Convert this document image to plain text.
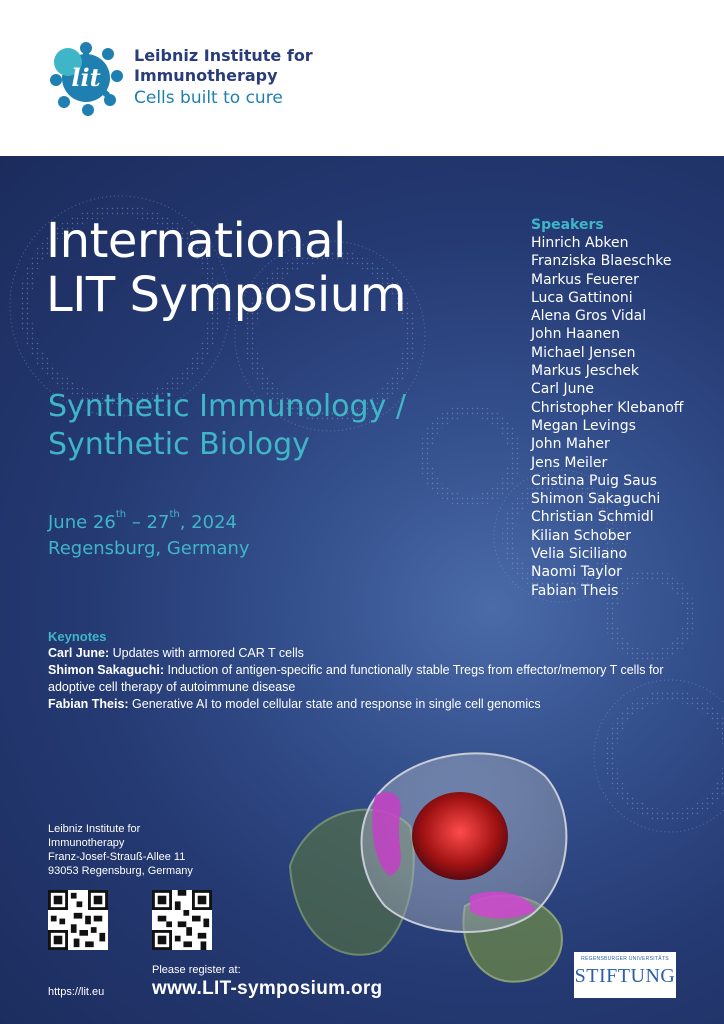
lit
Leibniz Institute for
Immunotherapy
Cells built to cure
International
LIT Symposium
Synthetic Immunology /
Synthetic Biology
June 26th – 27th, 2024
Regensburg, Germany
Speakers
Hinrich Abken
Franziska Blaeschke
Markus Feuerer
Luca Gattinoni
Alena Gros Vidal
John Haanen
Michael Jensen
Markus Jeschek
Carl June
Christopher Klebanoff
Megan Levings
John Maher
Jens Meiler
Cristina Puig Saus
Shimon Sakaguchi
Christian Schmidl
Kilian Schober
Velia Siciliano
Naomi Taylor
Fabian Theis
Keynotes

Carl June: Updates with armored CAR T cells

Shimon Sakaguchi: Induction of antigen-specific and functionally stable Tregs from effector/memory T cells for adoptive cell therapy of autoimmune disease

Fabian Theis: Generative AI to model cellular state and response in single cell genomics

Leibniz Institute for
Immunotherapy
Franz-Josef-Strauß-Allee 11
93053 Regensburg, Germany
Please register at:
www.LIT-symposium.org
https://lit.eu
REGENSBURGER UNIVERSITÄTS
STIFTUNG
